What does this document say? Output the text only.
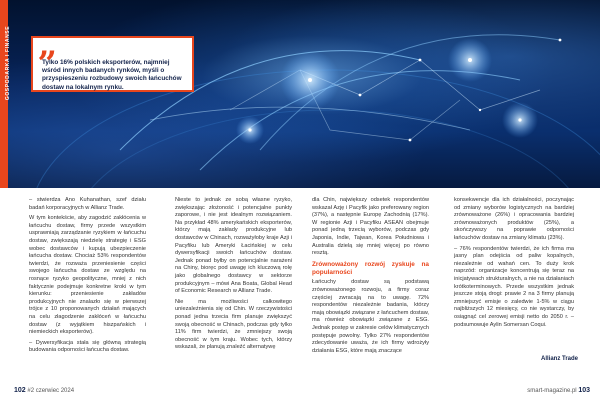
GOSPODARKA I FINANSE „
Tylko 16% polskich eksporterów, najmniej wśród innych badanych rynków, myśli o przyspieszeniu rozbudowy swoich łańcuchów dostaw na lokalnym rynku.

– stwierdza Ano Kuhanathan, szef działu badań korporacyjnych w Allianz Trade.

W tym kontekście, aby zagodzić zakłócenia w łańcuchu dostaw, firmy przede wszystkim usprawniają zarządzanie ryzykiem w łańcuchu dostaw, zwiększają niedzielę strategię i ESG wobec dostawców i kupują ubezpieczenie łańcucha dostaw. Chociaż 53% respondentów twierdzi, że rozważa przeniesienie części swojego łańcucha dostaw ze względu na rosnące ryzyko geopolityczne, mniej z nich faktycznie podejmuje konkretne kroki w tym kierunku: przeniesienie zakładów produkcyjnych nie znalazło się w pierwszej trójce z 10 proponowanych działań mających na celu złagodzenie zakłóceń w łańcuchu dostaw (z wyjątkiem hiszpańskich i niemieckich eksporterów).

– Dywersyfikacja stała się główną strategią budowania odporności łańcucha dostaw.

Nieste to jednak ze sobą własne ryzyko, zwiększając złożoność i potencjalne punkty zaporowe, i nie jest idealnym rozwiązaniem. Na przykład 48% amerykańskich eksporterów, którzy mają zakłady produkcyjne lub dostawców w Chinach, rozważyłoby kraje Azji i Pacyfiku lub Ameryki Łacińskiej w celu dywersyfikacji swoich łańcuchów dostaw. Jednak ponad byłby on potencjalnie narażeni na Chiny, bioręc pod uwagę ich kluczową rolę jako globalnego dostawcy w sektorze produkcyjnym – mówi Ana Boata, Global Head of Economic Research w Allianz Trade.

Nie ma możliwości całkowitego uniezależnienia się od Chin. W rzeczywistości ponad jedna trzecia firm planuje zwiększyć swoją obecność w Chinach, podczas gdy tylko 11% firm twierdzi, że zmniejszy swoją obecność w tym kraju. Wobec tych, którzy wskazali, że planują znaleźć alternatywę

dla Chin, największy odsetek respondentów wskazał Azję i Pacyfik jako preferowany region (37%), a następnie Europę Zachodnią (17%). W regionie Azji i Pacyfiku ASEAN obejmuje ponad jedną trzecią wyborów, podczas gdy Japonia, Indie, Tajwan, Korea Południowa i Australia dzielą się mniej więcej po równo resztą.

Zrównoważony rozwój zyskuje na popularności

Łańcuchy dostaw są podstawą zrównoważonego rozwoju, a firmy coraz częściej zwracają na to uwagę. 72% respondentów niezależnie badania, którzy mają obowiązki związane z łańcuchem dostaw, ma również obowiązki związane z ESG. Jednak postęp w zakresie celów klimatycznych postępuje powolny. Tylko 27% respondentów zdecydowanie uważa, że ich firmy wdrożyły działania ESG, które mają znaczące

konsekwencje dla ich działalności, poczynając od zmiany wyborów logistycznych na bardziej zrównoważone (26%) i opracowania bardziej zrównoważonych produktów (25%), a skończywszy na poprawie odporności łańcuchów dostaw na zmiany klimatu (23%).

– 76% respondentów twierdzi, że ich firma ma jasny plan odejścia od paliw kopalnych, niezależnie od wahań cen. To duży krok naprzód: organizacje koncentrują się teraz na inicjatywach strukturalnych, a nie na działaniach krótkoterminowych. Przede wszystkim jednak jeszcze stoją drogi: prawie 2 na 3 firmy planują zmniejszyć emisje o zaledwie 1-5% w ciągu najbliższych 12 miesięcy, co nie wystarczy, by osiągnąć cel zerowej emisji netto do 2050 r. – podsumowuje Aylin Somersan Coqui.

Allianz Trade
102 #2 czerwiec 2024	smart-magazine.pl 103
